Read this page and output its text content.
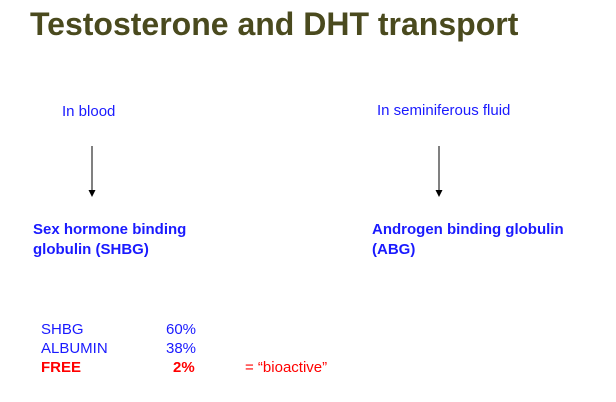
Testosterone and DHT transport
In blood	In seminiferous fluid
Sex hormone binding
globulin (SHBG)
Androgen binding globulin
(ABG)
SHBG	60%
ALBUMIN	38%
FREE	2%	= “bioactive”
